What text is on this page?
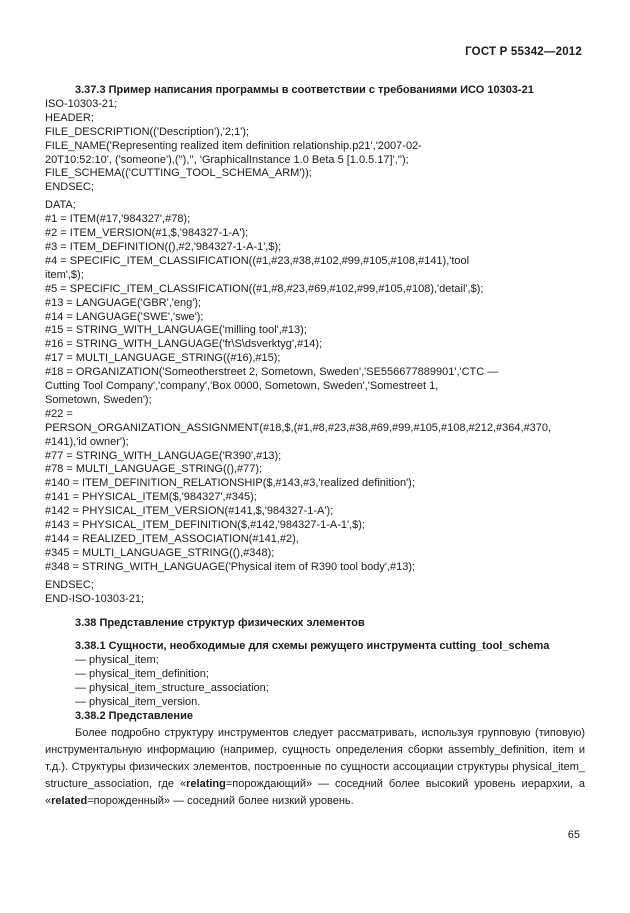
ГОСТ Р 55342—2012
3.37.3 Пример написания программы в соответствии с требованиями ИСО 10303-21
ISO-10303-21;
HEADER;
FILE_DESCRIPTION(('Description'),'2;1');
FILE_NAME('Representing realized item definition relationship.p21','2007-02-
20T10:52:10', ('someone'),(''),'', 'GraphicalInstance 1.0 Beta 5 [1.0.5.17]','');
FILE_SCHEMA(('CUTTING_TOOL_SCHEMA_ARM'));
ENDSEC;
DATA;
#1 = ITEM(#17,'984327',#78);
#2 = ITEM_VERSION(#1,$,'984327-1-A');
#3 = ITEM_DEFINITION((),#2,'984327-1-A-1',$);
#4 = SPECIFIC_ITEM_CLASSIFICATION((#1,#23,#38,#102,#99,#105,#108,#141),'tool
item',$);
#5 = SPECIFIC_ITEM_CLASSIFICATION((#1,#8,#23,#69,#102,#99,#105,#108),'detail',$);
#13 = LANGUAGE('GBR','eng');
#14 = LANGUAGE('SWE','swe');
#15 = STRING_WITH_LANGUAGE('milling tool',#13);
#16 = STRING_WITH_LANGUAGE('fr\S\dsverktyg',#14);
#17 = MULTI_LANGUAGE_STRING((#16),#15);
#18 = ORGANIZATION('Someotherstreet 2, Sometown, Sweden','SE556677889901','CTC —
Cutting Tool Company','company','Box 0000, Sometown, Sweden','Somestreet 1,
Sometown, Sweden');
#22 =
PERSON_ORGANIZATION_ASSIGNMENT(#18,$,(#1,#8,#23,#38,#69,#99,#105,#108,#212,#364,#370,
#141),'id owner');
#77 = STRING_WITH_LANGUAGE('R390',#13);
#78 = MULTI_LANGUAGE_STRING((),#77);
#140 = ITEM_DEFINITION_RELATIONSHIP($,#143,#3,'realized definition');
#141 = PHYSICAL_ITEM($,'984327',#345);
#142 = PHYSICAL_ITEM_VERSION(#141,$,'984327-1-A');
#143 = PHYSICAL_ITEM_DEFINITION($,#142,'984327-1-A-1',$);
#144 = REALIZED_ITEM_ASSOCIATION(#141,#2),
#345 = MULTI_LANGUAGE_STRING((),#348);
#348 = STRING_WITH_LANGUAGE('Physical item of R390 tool body',#13);
ENDSEC;
END-ISO-10303-21;
3.38 Представление структур физических элементов
3.38.1 Сущности, необходимые для схемы режущего инструмента cutting_tool_schema
— physical_item;
— physical_item_definition;
— physical_item_structure_association;
— physical_item_version.
3.38.2 Представление
Более подробно структуру инструментов следует рассматривать, используя групповую (типовую) инструментальную информацию (например, сущность определения сборки assembly_definition, item и т.д.). Структуры физических элементов, построенные по сущности ассоциации структуры physical_item_ structure_association, где «relating=порождающий» — соседний более высокий уровень иерархии, а «related=порожденный» — соседний более низкий уровень.
65
